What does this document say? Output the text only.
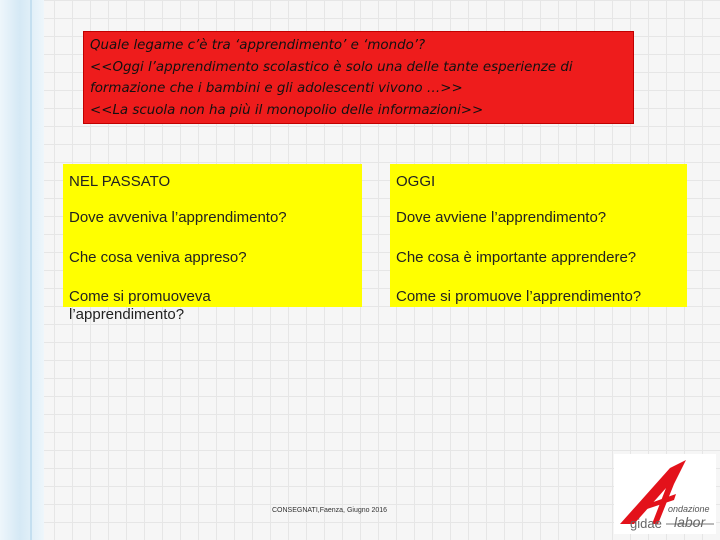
Quale legame c’è tra ‘apprendimento’ e ‘mondo’?
<<Oggi l’apprendimento scolastico è solo una delle tante esperienze di
formazione che i bambini e gli adolescenti vivono …>>
<<La scuola non ha più il monopolio delle informazioni>>
NEL PASSATO
Dove avveniva l’apprendimento?
Che cosa veniva appreso?
Come si promuoveva l’apprendimento?
OGGI
Dove avviene l’apprendimento?
Che cosa è importante apprendere?
Come si promuove l’apprendimento?
CONSEGNATI,Faenza, Giugno 2016	ondazione
gidae labor
